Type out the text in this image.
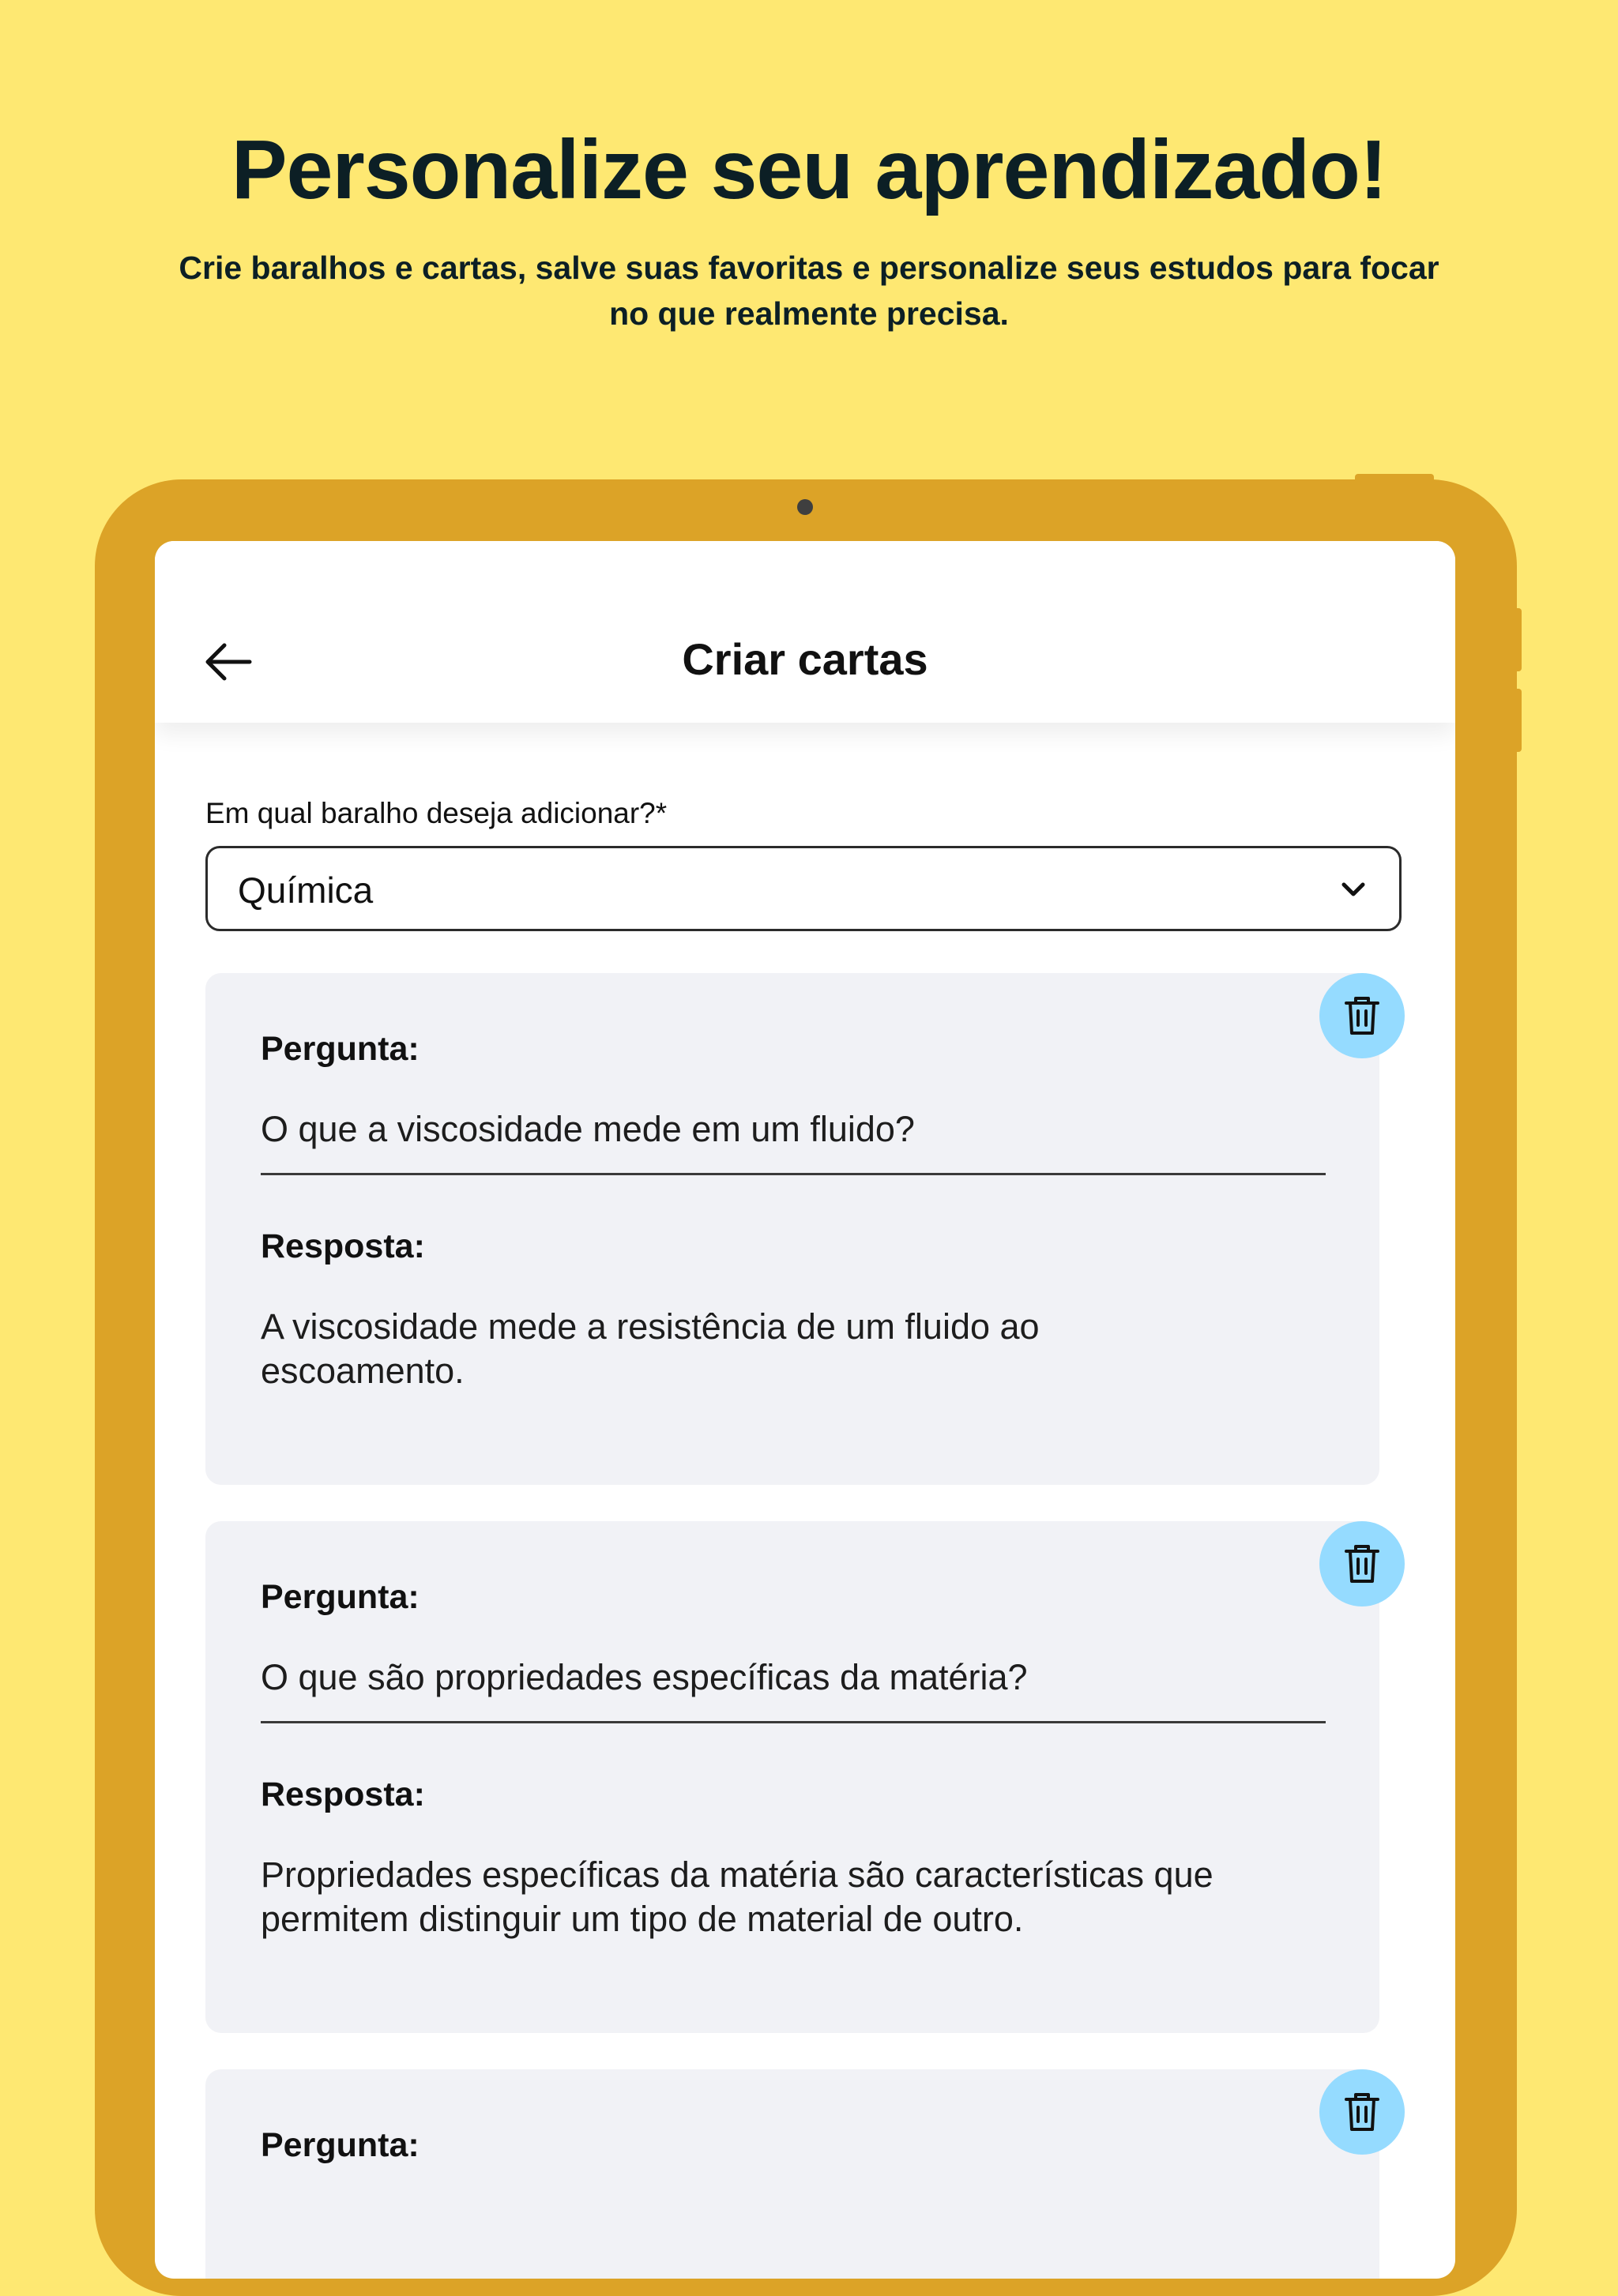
Personalize seu aprendizado!
Crie baralhos e cartas, salve suas favoritas e personalize seus estudos para focar no que realmente precisa.
Criar cartas
Em qual baralho deseja adicionar?*
Química
Pergunta:
O que a viscosidade mede em um fluido?
Resposta:
A viscosidade mede a resistência de um fluido ao escoamento.
Pergunta:
O que são propriedades específicas da matéria?
Resposta:
Propriedades específicas da matéria são características que permitem distinguir um tipo de material de outro.
Pergunta:
